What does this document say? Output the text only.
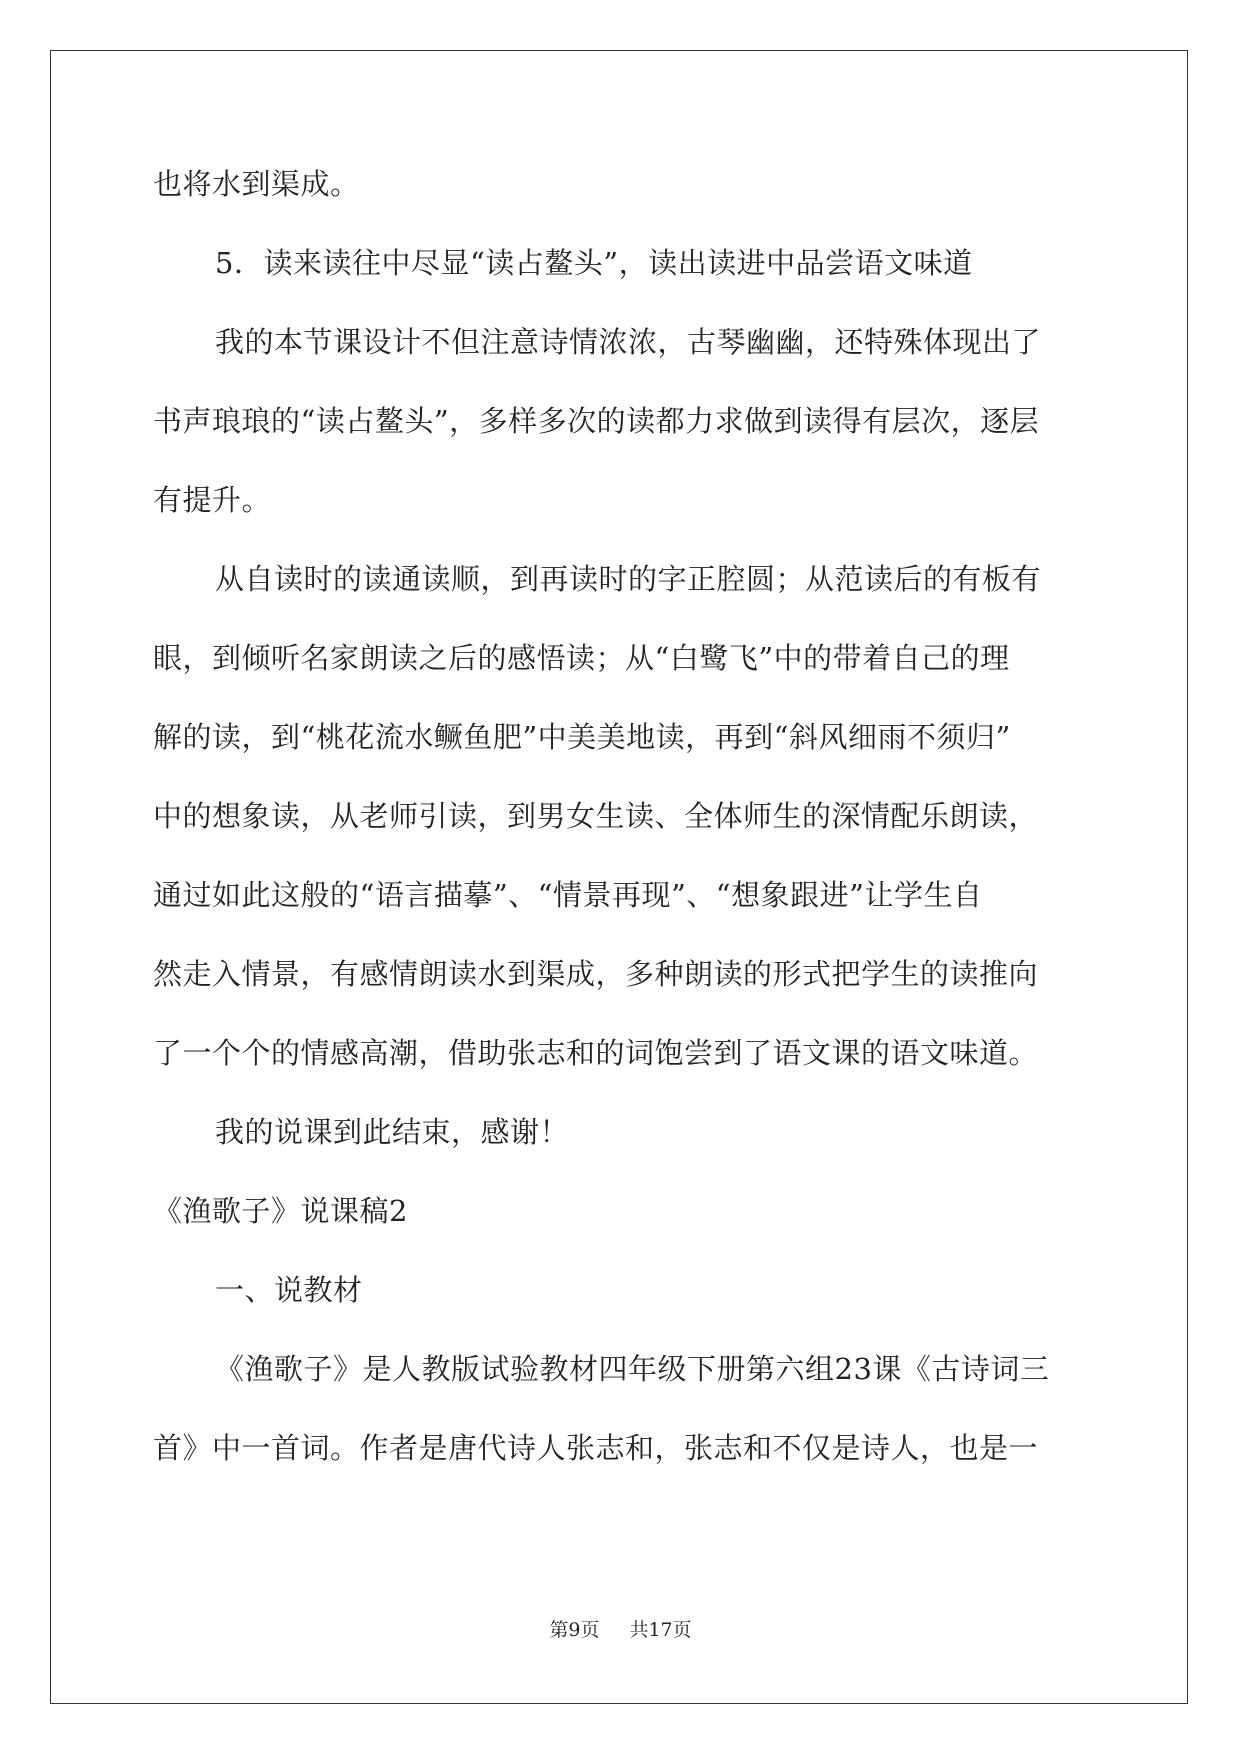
也将水到渠成。
5．读来读往中尽显“读占鳌头”，读出读进中品尝语文味道
我的本节课设计不但注意诗情浓浓，古琴幽幽，还特殊体现出了
书声琅琅的“读占鳌头”，多样多次的读都力求做到读得有层次，逐层
有提升。
从自读时的读通读顺，到再读时的字正腔圆；从范读后的有板有
眼，到倾听名家朗读之后的感悟读；从“白鹭飞”中的带着自己的理
解的读，到“桃花流水鳜鱼肥”中美美地读，再到“斜风细雨不须归”
中的想象读，从老师引读，到男女生读、全体师生的深情配乐朗读，
通过如此这般的“语言描摹”、“情景再现”、“想象跟进”让学生自
然走入情景，有感情朗读水到渠成，多种朗读的形式把学生的读推向
了一个个的情感高潮，借助张志和的词饱尝到了语文课的语文味道。
我的说课到此结束，感谢！
《渔歌子》说课稿2
一、说教材
《渔歌子》是人教版试验教材四年级下册第六组23课《古诗词三
首》中一首词。作者是唐代诗人张志和，张志和不仅是诗人，也是一
第9页 共17页
